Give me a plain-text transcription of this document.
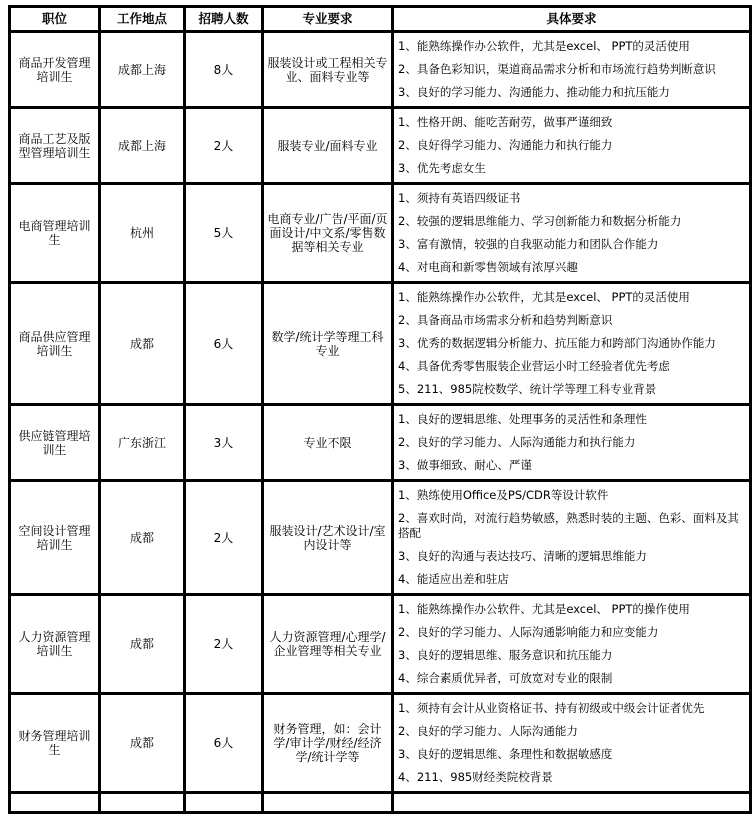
职位	工作地点	招聘人数	专业要求	具体要求
商品开发管理培训生	成都上海	8人	服装设计或工程相关专业、面料专业等	1、能熟练操作办公软件，尤其是excel、 PPT的灵活使用
2、具备色彩知识，渠道商品需求分析和市场流行趋势判断意识
3、良好的学习能力、沟通能力、推动能力和抗压能力

商品工艺及版型管理培训生	成都上海	2人	服装专业/面料专业	1、性格开朗、能吃苦耐劳，做事严谨细致
2、良好得学习能力、沟通能力和执行能力
3、优先考虑女生

电商管理培训生	杭州	5人	电商专业/广告/平面/页面设计/中文系/零售数据等相关专业	1、须持有英语四级证书
2、较强的逻辑思维能力、学习创新能力和数据分析能力
3、富有激情，较强的自我驱动能力和团队合作能力
4、对电商和新零售领域有浓厚兴趣

商品供应管理培训生	成都	6人	数学/统计学等理工科专业	1、能熟练操作办公软件，尤其是excel、 PPT的灵活使用
2、具备商品市场需求分析和趋势判断意识
3、优秀的数据逻辑分析能力、抗压能力和跨部门沟通协作能力
4、具备优秀零售服装企业营运小时工经验者优先考虑
5、211、985院校数学、统计学等理工科专业背景

供应链管理培训生	广东浙江	3人	专业不限	1、良好的逻辑思维、处理事务的灵活性和条理性
2、良好的学习能力、人际沟通能力和执行能力
3、做事细致、耐心、严谨

空间设计管理培训生	成都	2人	服装设计/艺术设计/室内设计等	1、熟练使用Office及PS/CDR等设计软件
2、喜欢时尚，对流行趋势敏感，熟悉时装的主题、色彩、面料及其搭配
3、良好的沟通与表达技巧、清晰的逻辑思维能力
4、能适应出差和驻店

人力资源管理培训生	成都	2人	人力资源管理/心理学/企业管理等相关专业	1、能熟练操作办公软件、尤其是excel、 PPT的操作使用
2、良好的学习能力、人际沟通影响能力和应变能力
3、良好的逻辑思维、服务意识和抗压能力
4、综合素质优异者，可放宽对专业的限制

财务管理培训生	成都	6人	财务管理，如：会计学/审计学/财经/经济学/统计学等	1、须持有会计从业资格证书、持有初级或中级会计证者优先
2、良好的学习能力、人际沟通能力
3、良好的逻辑思维、条理性和数据敏感度
4、211、985财经类院校背景
